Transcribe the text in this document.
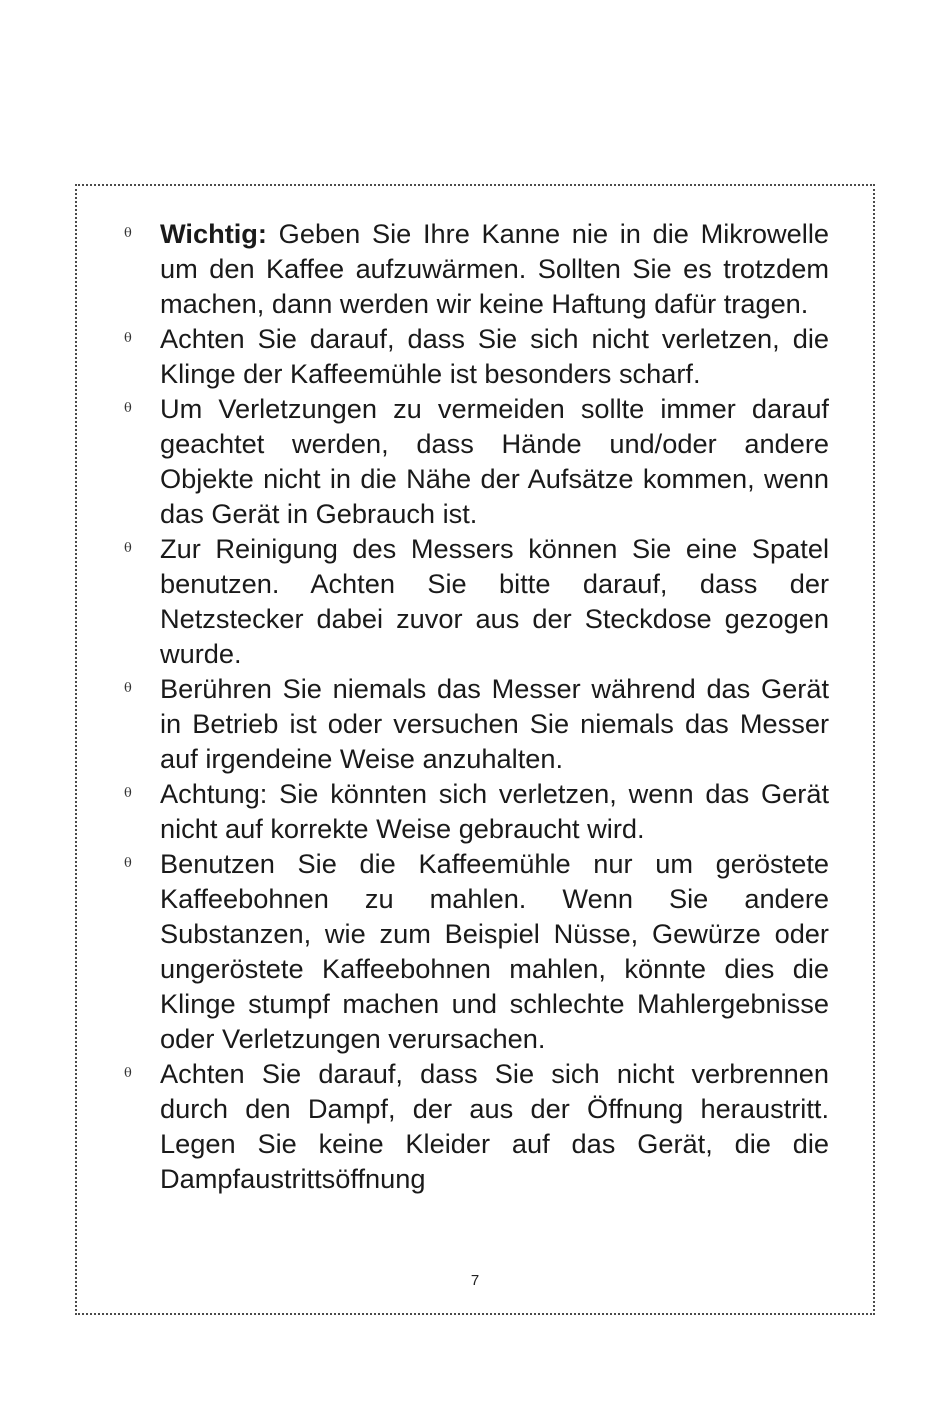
θ Wichtig: Geben Sie Ihre Kanne nie in die Mikrowelle um den Kaffee aufzuwärmen. Sollten Sie es trotzdem machen, dann werden wir keine Haftung dafür tragen.

θ Achten Sie darauf, dass Sie sich nicht verletzen, die Klinge der Kaffeemühle ist besonders scharf.

θ Um Verletzungen zu vermeiden sollte immer darauf geachtet werden, dass Hände und/oder andere Objekte nicht in die Nähe der Aufsätze kommen, wenn das Gerät in Gebrauch ist.

θ Zur Reinigung des Messers können Sie eine Spatel benutzen. Achten Sie bitte darauf, dass der Netzstecker dabei zuvor aus der Steckdose gezogen wurde.

θ Berühren Sie niemals das Messer während das Gerät in Betrieb ist oder versuchen Sie niemals das Messer auf irgendeine Weise anzuhalten.

θ Achtung: Sie könnten sich verletzen, wenn das Gerät nicht auf korrekte Weise gebraucht wird.

θ Benutzen Sie die Kaffeemühle nur um geröstete Kaffeebohnen zu mahlen. Wenn Sie andere Substanzen, wie zum Beispiel Nüsse, Gewürze oder ungeröstete Kaffeebohnen mahlen, könnte dies die Klinge stumpf machen und schlechte Mahlergebnisse oder Verletzungen verursachen.

θ Achten Sie darauf, dass Sie sich nicht verbrennen durch den Dampf, der aus der Öffnung heraustritt. Legen Sie keine Kleider auf das Gerät, die die Dampfaustrittsöffnung

7
